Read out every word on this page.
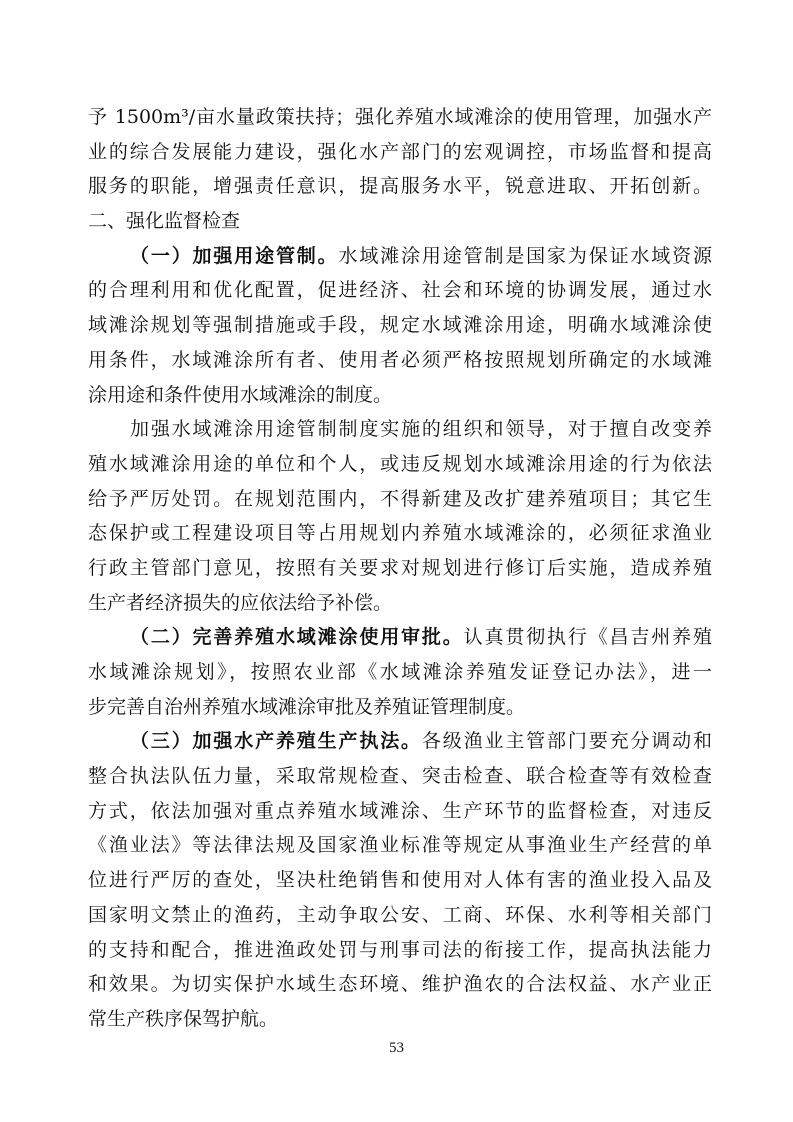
予 1500m³/亩水量政策扶持；强化养殖水域滩涂的使用管理，加强水产
业的综合发展能力建设，强化水产部门的宏观调控，市场监督和提高
服务的职能，增强责任意识，提高服务水平，锐意进取、开拓创新。
二、强化监督检查
（一）加强用途管制。水域滩涂用途管制是国家为保证水域资源
的合理利用和优化配置，促进经济、社会和环境的协调发展，通过水
域滩涂规划等强制措施或手段，规定水域滩涂用途，明确水域滩涂使
用条件，水域滩涂所有者、使用者必须严格按照规划所确定的水域滩
涂用途和条件使用水域滩涂的制度。
加强水域滩涂用途管制制度实施的组织和领导，对于擅自改变养
殖水域滩涂用途的单位和个人，或违反规划水域滩涂用途的行为依法
给予严厉处罚。在规划范围内，不得新建及改扩建养殖项目；其它生
态保护或工程建设项目等占用规划内养殖水域滩涂的，必须征求渔业
行政主管部门意见，按照有关要求对规划进行修订后实施，造成养殖
生产者经济损失的应依法给予补偿。
（二）完善养殖水域滩涂使用审批。认真贯彻执行《昌吉州养殖
水域滩涂规划》，按照农业部《水域滩涂养殖发证登记办法》，进一
步完善自治州养殖水域滩涂审批及养殖证管理制度。
（三）加强水产养殖生产执法。各级渔业主管部门要充分调动和
整合执法队伍力量，采取常规检查、突击检查、联合检查等有效检查
方式，依法加强对重点养殖水域滩涂、生产环节的监督检查，对违反
《渔业法》等法律法规及国家渔业标准等规定从事渔业生产经营的单
位进行严厉的查处，坚决杜绝销售和使用对人体有害的渔业投入品及
国家明文禁止的渔药，主动争取公安、工商、环保、水利等相关部门
的支持和配合，推进渔政处罚与刑事司法的衔接工作，提高执法能力
和效果。为切实保护水域生态环境、维护渔农的合法权益、水产业正
常生产秩序保驾护航。
53
